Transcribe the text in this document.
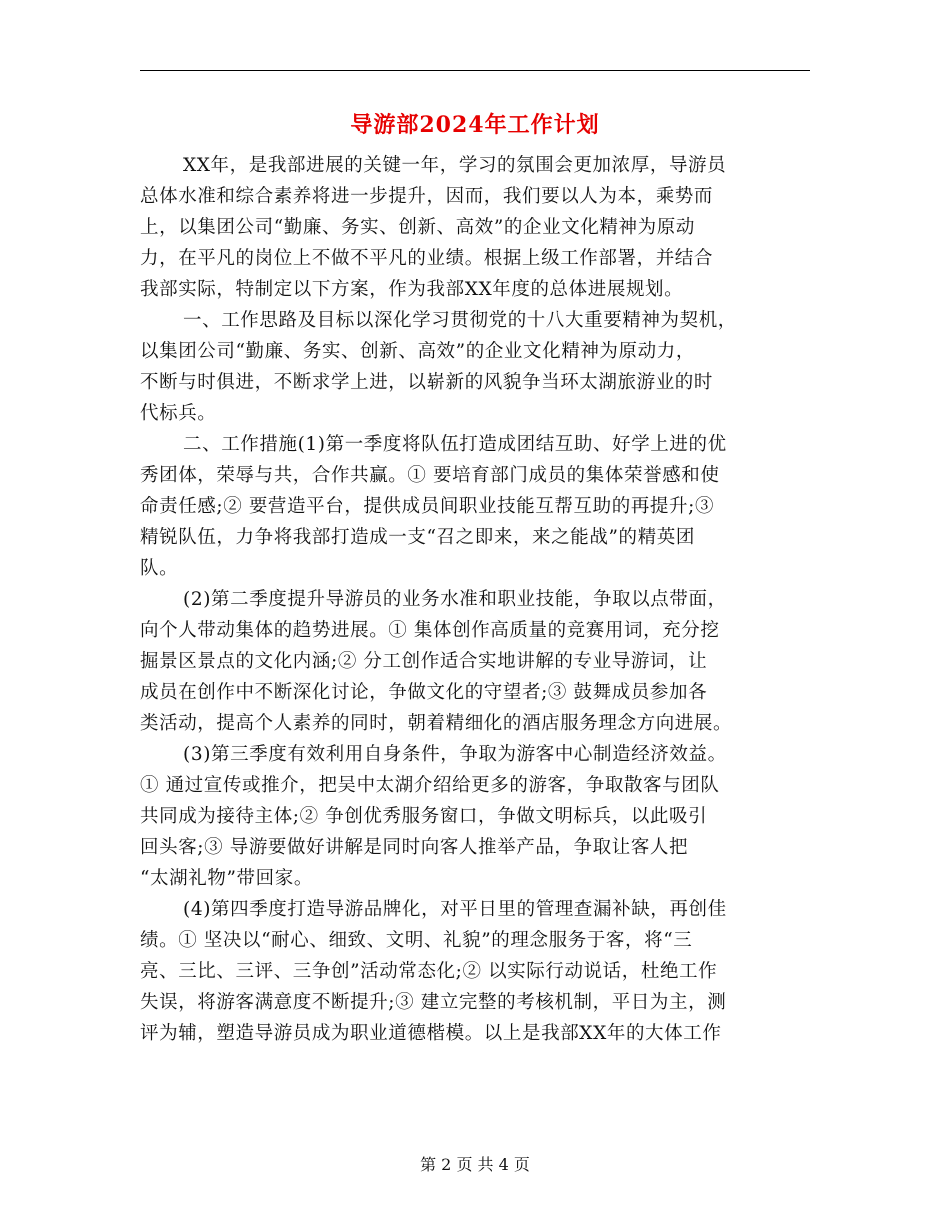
导游部2024年工作计划
XX年，是我部进展的关键一年，学习的氛围会更加浓厚，导游员
总体水准和综合素养将进一步提升，因而，我们要以人为本，乘势而
上，以集团公司“勤廉、务实、创新、高效”的企业文化精神为原动
力，在平凡的岗位上不做不平凡的业绩。根据上级工作部署，并结合
我部实际，特制定以下方案，作为我部XX年度的总体进展规划。
一、工作思路及目标以深化学习贯彻党的十八大重要精神为契机，
以集团公司“勤廉、务实、创新、高效”的企业文化精神为原动力，
不断与时俱进，不断求学上进，以崭新的风貌争当环太湖旅游业的时
代标兵。
二、工作措施(1)第一季度将队伍打造成团结互助、好学上进的优
秀团体，荣辱与共，合作共赢。① 要培育部门成员的集体荣誉感和使
命责任感;② 要营造平台，提供成员间职业技能互帮互助的再提升;③
精锐队伍，力争将我部打造成一支“召之即来，来之能战”的精英团
队。
(2)第二季度提升导游员的业务水准和职业技能，争取以点带面，
向个人带动集体的趋势进展。① 集体创作高质量的竞赛用词，充分挖
掘景区景点的文化内涵;② 分工创作适合实地讲解的专业导游词，让
成员在创作中不断深化讨论，争做文化的守望者;③ 鼓舞成员参加各
类活动，提高个人素养的同时，朝着精细化的酒店服务理念方向进展。
(3)第三季度有效利用自身条件，争取为游客中心制造经济效益。
① 通过宣传或推介，把吴中太湖介绍给更多的游客，争取散客与团队
共同成为接待主体;② 争创优秀服务窗口，争做文明标兵，以此吸引
回头客;③ 导游要做好讲解是同时向客人推举产品，争取让客人把
“太湖礼物”带回家。
(4)第四季度打造导游品牌化，对平日里的管理查漏补缺，再创佳
绩。① 坚决以“耐心、细致、文明、礼貌”的理念服务于客，将“三
亮、三比、三评、三争创”活动常态化;② 以实际行动说话，杜绝工作
失误，将游客满意度不断提升;③ 建立完整的考核机制，平日为主，测
评为辅，塑造导游员成为职业道德楷模。以上是我部XX年的大体工作
第 2 页 共 4 页
